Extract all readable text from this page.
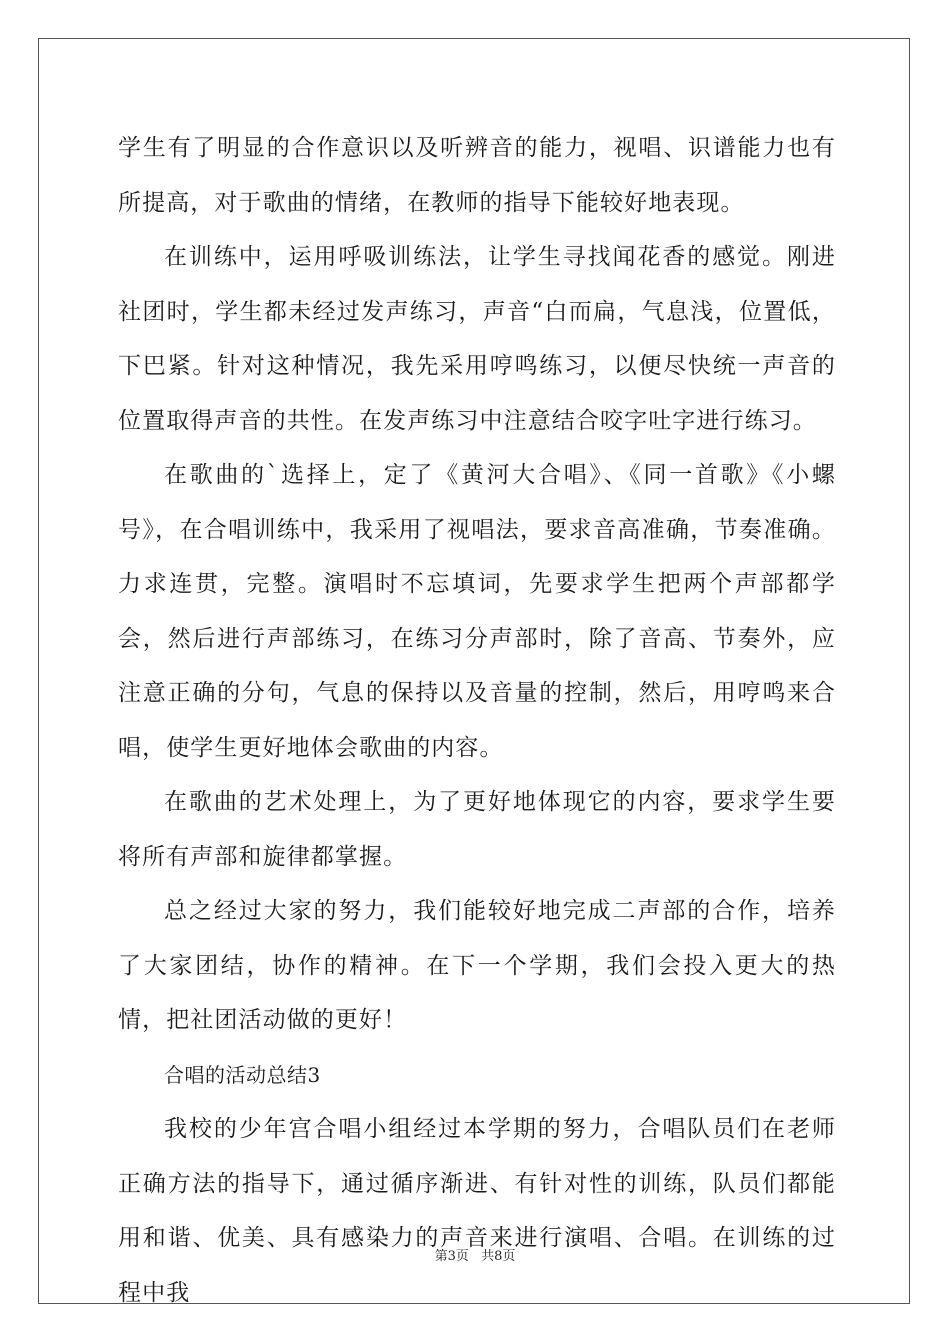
学生有了明显的合作意识以及听辨音的能力，视唱、识谱能力也有所提高，对于歌曲的情绪，在教师的指导下能较好地表现。

在训练中，运用呼吸训练法，让学生寻找闻花香的感觉。刚进社团时，学生都未经过发声练习，声音“白而扁，气息浅，位置低，下巴紧。针对这种情况，我先采用哼鸣练习，以便尽快统一声音的位置取得声音的共性。在发声练习中注意结合咬字吐字进行练习。

在歌曲的`选择上，定了《黄河大合唱》、《同一首歌》《小螺号》，在合唱训练中，我采用了视唱法，要求音高准确，节奏准确。力求连贯，完整。演唱时不忘填词，先要求学生把两个声部都学会，然后进行声部练习，在练习分声部时，除了音高、节奏外，应注意正确的分句，气息的保持以及音量的控制，然后，用哼鸣来合唱，使学生更好地体会歌曲的内容。

在歌曲的艺术处理上，为了更好地体现它的内容，要求学生要将所有声部和旋律都掌握。

总之经过大家的努力，我们能较好地完成二声部的合作，培养了大家团结，协作的精神。在下一个学期，我们会投入更大的热情，把社团活动做的更好！

合唱的活动总结3

我校的少年宫合唱小组经过本学期的努力，合唱队员们在老师正确方法的指导下，通过循序渐进、有针对性的训练，队员们都能用和谐、优美、具有感染力的声音来进行演唱、合唱。在训练的过程中我

第3页 共8页
